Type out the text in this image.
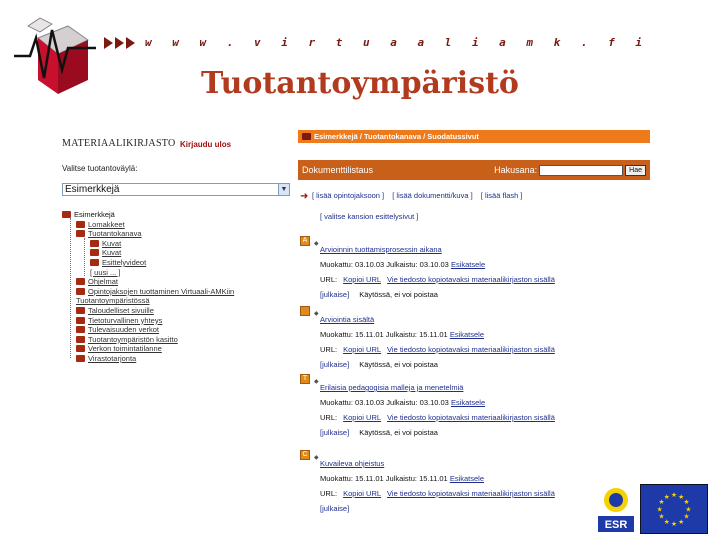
w w w . v i r t u a a l i a m k . f i
Tuotantoympäristö
MATERIAALIKIRJASTO Kirjaudu ulos
Valitse tuotantoväylä:
Esimerkkejä	▼
Esimerkkejä
Lomakkeet
Tuotantokanava
Kuvat
Kuvat
Esittelyvideot
[ uusi ... ]
Ohjelmat
Opintojaksojen tuottaminen Virtuaali-AMKiin
Tuotantoympäristössä
Taloudelliset sivuille
Tietoturvallinen yhteys
Tulevaisuuden verkot
Tuotantoympäristön kasitto
Verkon toimintatilanne
Virastotarjonta
Esimerkkejä / Tuotantokanava / Suodatussivut
Dokumenttilistaus	Hakusana:	Hae
➜ [ lisää opintojaksoon ] [ lisää dokumentti/kuva ] [ lisää flash ]
[ valitse kansion esittelysivut ]
A	◆
Arvioinnin tuottamisprosessin aikana
Muokattu: 03.10.03 Julkaistu: 03.10.03 Esikatsele
URL: Kopioi URL Vie tiedosto kopiotavaksi materiaalikirjaston sisällä
[julkaise] Käytössä, ei voi poistaa
◆
Arviointia sisältä
Muokattu: 15.11.01 Julkaistu: 15.11.01 Esikatsele
URL: Kopioi URL Vie tiedosto kopiotavaksi materiaalikirjaston sisällä
[julkaise] Käytössä, ei voi poistaa
T	◆
Erilaisia pedagogisia malleja ja menetelmiä
Muokattu: 03.10.03 Julkaistu: 03.10.03 Esikatsele
URL: Kopioi URL Vie tiedosto kopiotavaksi materiaalikirjaston sisällä
[julkaise] Käytössä, ei voi poistaa
C	◆
Kuvaileva ohjeistus
Muokattu: 15.11.01 Julkaistu: 15.11.01 Esikatsele
URL: Kopioi URL Vie tiedosto kopiotavaksi materiaalikirjaston sisällä
[julkaise]
ESR
★
★
★
★
★
★
★
★
★ ★ ★
★
